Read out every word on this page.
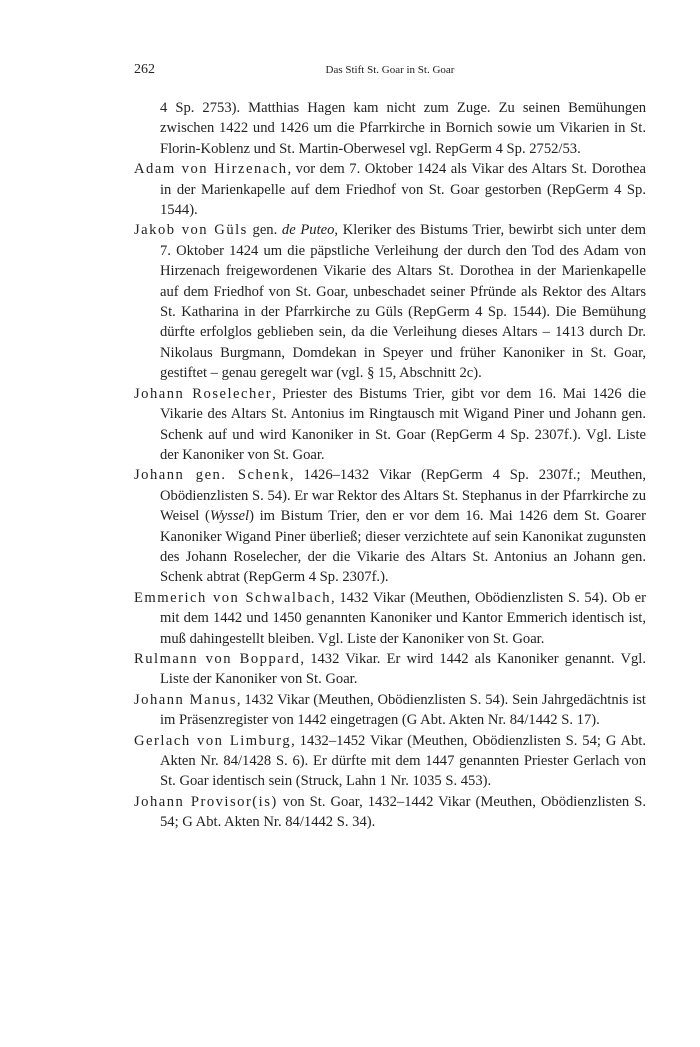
262	Das Stift St. Goar in St. Goar

4 Sp. 2753). Matthias Hagen kam nicht zum Zuge. Zu seinen Bemühungen zwischen 1422 und 1426 um die Pfarrkirche in Bornich sowie um Vikarien in St. Florin-Koblenz und St. Martin-Oberwesel vgl. RepGerm 4 Sp. 2752/53.

Adam von Hirzenach, vor dem 7. Oktober 1424 als Vikar des Altars St. Dorothea in der Marienkapelle auf dem Friedhof von St. Goar gestorben (RepGerm 4 Sp. 1544).

Jakob von Güls gen. de Puteo, Kleriker des Bistums Trier, bewirbt sich unter dem 7. Oktober 1424 um die päpstliche Verleihung der durch den Tod des Adam von Hirzenach freigewordenen Vikarie des Altars St. Dorothea in der Marienkapelle auf dem Friedhof von St. Goar, unbeschadet seiner Pfründe als Rektor des Altars St. Katharina in der Pfarrkirche zu Güls (RepGerm 4 Sp. 1544). Die Bemühung dürfte erfolglos geblieben sein, da die Verleihung dieses Altars – 1413 durch Dr. Nikolaus Burgmann, Domdekan in Speyer und früher Kanoniker in St. Goar, gestiftet – genau geregelt war (vgl. § 15, Abschnitt 2c).

Johann Roselecher, Priester des Bistums Trier, gibt vor dem 16. Mai 1426 die Vikarie des Altars St. Antonius im Ringtausch mit Wigand Piner und Johann gen. Schenk auf und wird Kanoniker in St. Goar (RepGerm 4 Sp. 2307f.). Vgl. Liste der Kanoniker von St. Goar.

Johann gen. Schenk, 1426–1432 Vikar (RepGerm 4 Sp. 2307f.; Meuthen, Obödienzlisten S. 54). Er war Rektor des Altars St. Stephanus in der Pfarrkirche zu Weisel (Wyssel) im Bistum Trier, den er vor dem 16. Mai 1426 dem St. Goarer Kanoniker Wigand Piner überließ; dieser verzichtete auf sein Kanonikat zugunsten des Johann Roselecher, der die Vikarie des Altars St. Antonius an Johann gen. Schenk abtrat (RepGerm 4 Sp. 2307f.).

Emmerich von Schwalbach, 1432 Vikar (Meuthen, Obödienzlisten S. 54). Ob er mit dem 1442 und 1450 genannten Kanoniker und Kantor Emmerich identisch ist, muß dahingestellt bleiben. Vgl. Liste der Kanoniker von St. Goar.

Rulmann von Boppard, 1432 Vikar. Er wird 1442 als Kanoniker genannt. Vgl. Liste der Kanoniker von St. Goar.

Johann Manus, 1432 Vikar (Meuthen, Obödienzlisten S. 54). Sein Jahrgedächtnis ist im Präsenzregister von 1442 eingetragen (G Abt. Akten Nr. 84/1442 S. 17).

Gerlach von Limburg, 1432–1452 Vikar (Meuthen, Obödienzlisten S. 54; G Abt. Akten Nr. 84/1428 S. 6). Er dürfte mit dem 1447 genannten Priester Gerlach von St. Goar identisch sein (Struck, Lahn 1 Nr. 1035 S. 453).

Johann Provisor(is) von St. Goar, 1432–1442 Vikar (Meuthen, Obödienzlisten S. 54; G Abt. Akten Nr. 84/1442 S. 34).
